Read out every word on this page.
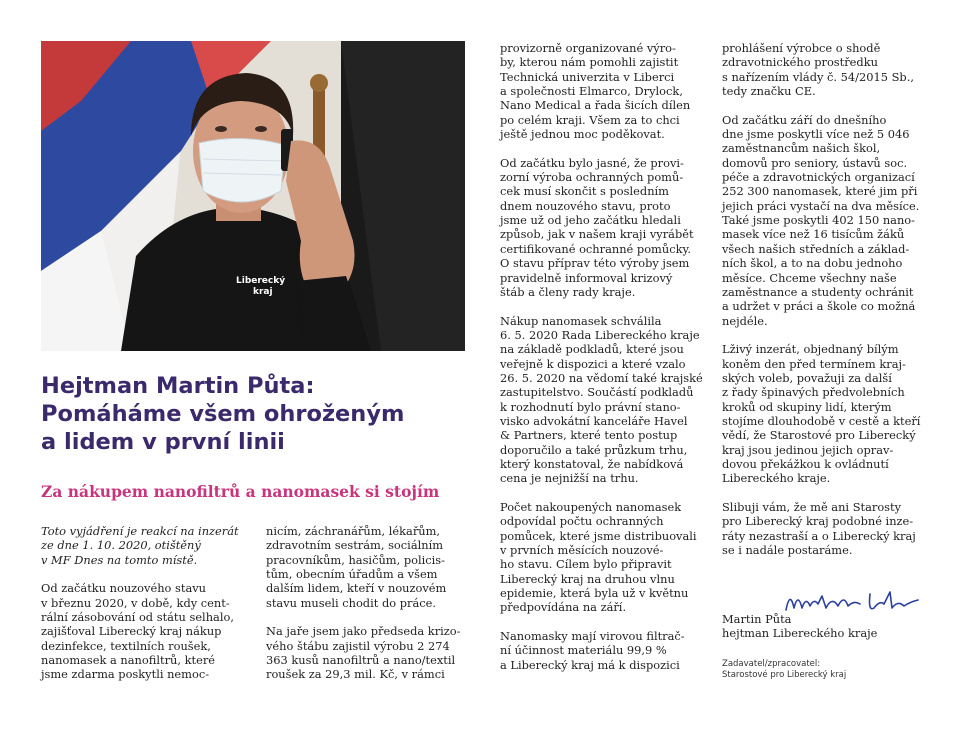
Liberecký
kraj
Hejtman Martin Půta:
Pomáháme všem ohroženým
a lidem v první linii
Za nákupem nanofiltrů a nanomasek si stojím

Toto vyjádření je reakcí na inzerát
ze dne 1. 10. 2020, otištěný
v MF Dnes na tomto místě.

Od začátku nouzového stavu
v březnu 2020, v době, kdy cent-
rální zásobování od státu selhalo,
zajišťoval Liberecký kraj nákup
dezinfekce, textilních roušek,
nanomasek a nanofiltrů, které
jsme zdarma poskytli nemoc-

nicím, záchranářům, lékařům,
zdravotním sestrám, sociálním
pracovníkům, hasičům, policis-
tům, obecním úřadům a všem
dalším lidem, kteří v nouzovém
stavu museli chodit do práce.

Na jaře jsem jako předseda krizo-
vého štábu zajistil výrobu 2 274
363 kusů nanofiltrů a nano/textil
roušek za 29,3 mil. Kč, v rámci

provizorně organizované výro-
by, kterou nám pomohli zajistit
Technická univerzita v Liberci
a společnosti Elmarco, Drylock,
Nano Medical a řada šicích dílen
po celém kraji. Všem za to chci
ještě jednou moc poděkovat.

Od začátku bylo jasné, že provi-
zorní výroba ochranných pomů-
cek musí skončit s posledním
dnem nouzového stavu, proto
jsme už od jeho začátku hledali
způsob, jak v našem kraji vyrábět
certifikované ochranné pomůcky.
O stavu příprav této výroby jsem
pravidelně informoval krizový
štáb a členy rady kraje.

Nákup nanomasek schválila
6. 5. 2020 Rada Libereckého kraje
na základě podkladů, které jsou
veřejně k dispozici a které vzalo
26. 5. 2020 na vědomí také krajské
zastupitelstvo. Součástí podkladů
k rozhodnutí bylo právní stano-
visko advokátní kanceláře Havel
& Partners, které tento postup
doporučilo a také průzkum trhu,
který konstatoval, že nabídková
cena je nejnižší na trhu.

Počet nakoupených nanomasek
odpovídal počtu ochranných
pomůcek, které jsme distribuovali
v prvních měsících nouzové-
ho stavu. Cílem bylo připravit
Liberecký kraj na druhou vlnu
epidemie, která byla už v květnu
předpovídána na září.

Nanomasky mají virovou filtrač-
ní účinnost materiálu 99,9 %
a Liberecký kraj má k dispozici

prohlášení výrobce o shodě
zdravotnického prostředku
s nařízením vlády č. 54/2015 Sb.,
tedy značku CE.

Od začátku září do dnešního
dne jsme poskytli více než 5 046
zaměstnancům našich škol,
domovů pro seniory, ústavů soc.
péče a zdravotnických organizací
252 300 nanomasek, které jim při
jejich práci vystačí na dva měsíce.
Také jsme poskytli 402 150 nano-
masek více než 16 tisícům žáků
všech našich středních a základ-
ních škol, a to na dobu jednoho
měsíce. Chceme všechny naše
zaměstnance a studenty ochránit
a udržet v práci a škole co možná
nejdéle.

Lživý inzerát, objednaný bílým
koněm den před termínem kraj-
ských voleb, považuji za další
z řady špinavých předvolebních
kroků od skupiny lidí, kterým
stojíme dlouhodobě v cestě a kteří
vědí, že Starostové pro Liberecký
kraj jsou jedinou jejich oprav-
dovou překážkou k ovládnutí
Libereckého kraje.

Slibuji vám, že mě ani Starosty
pro Liberecký kraj podobné inze-
ráty nezastraší a o Liberecký kraj
se i nadále postaráme.

Martin Půta
hejtman Libereckého kraje
Zadavatel/zpracovatel:
Starostové pro Liberecký kraj
